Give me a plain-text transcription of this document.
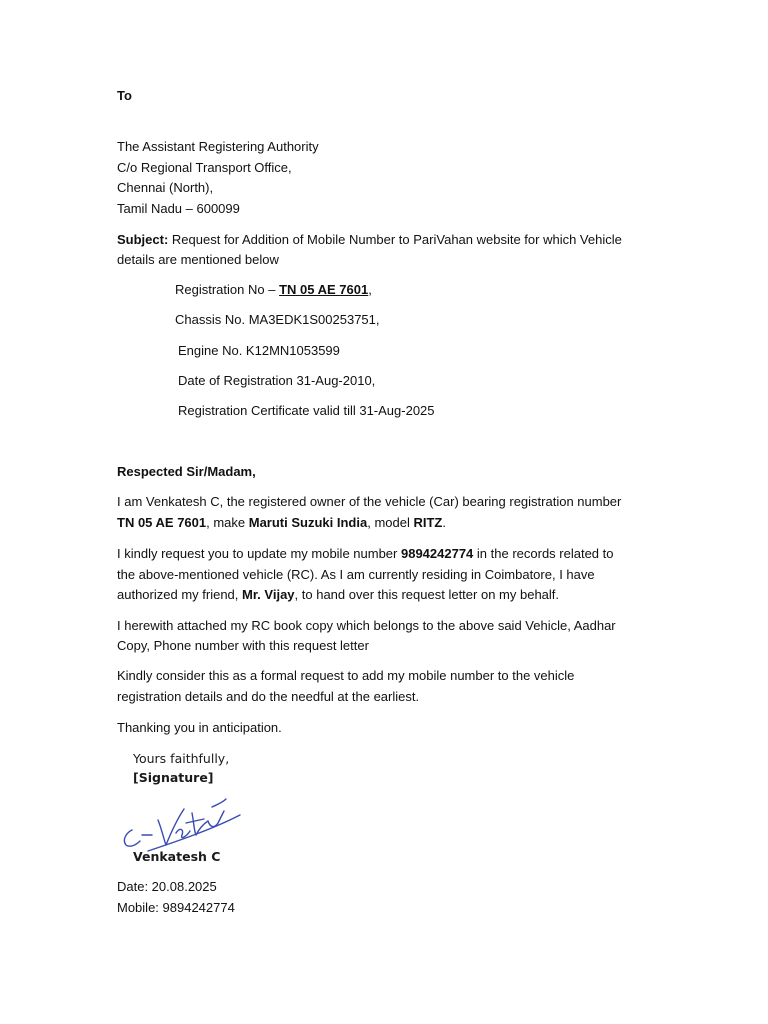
To
The Assistant Registering Authority
C/o Regional Transport Office,
Chennai (North),
Tamil Nadu – 600099
Subject: Request for Addition of Mobile Number to PariVahan website for which Vehicle
details are mentioned below
Registration No – TN 05 AE 7601,
Chassis No. MA3EDK1S00253751,
Engine No. K12MN1053599
Date of Registration 31-Aug-2010,
Registration Certificate valid till 31-Aug-2025
Respected Sir/Madam,
I am Venkatesh C, the registered owner of the vehicle (Car) bearing registration number
TN 05 AE 7601, make Maruti Suzuki India, model RITZ.
I kindly request you to update my mobile number 9894242774 in the records related to
the above-mentioned vehicle (RC). As I am currently residing in Coimbatore, I have
authorized my friend, Mr. Vijay, to hand over this request letter on my behalf.
I herewith attached my RC book copy which belongs to the above said Vehicle, Aadhar
Copy, Phone number with this request letter
Kindly consider this as a formal request to add my mobile number to the vehicle
registration details and do the needful at the earliest.
Thanking you in anticipation.
Yours faithfully,
[Signature]
Venkatesh C
Date: 20.08.2025
Mobile: 9894242774
